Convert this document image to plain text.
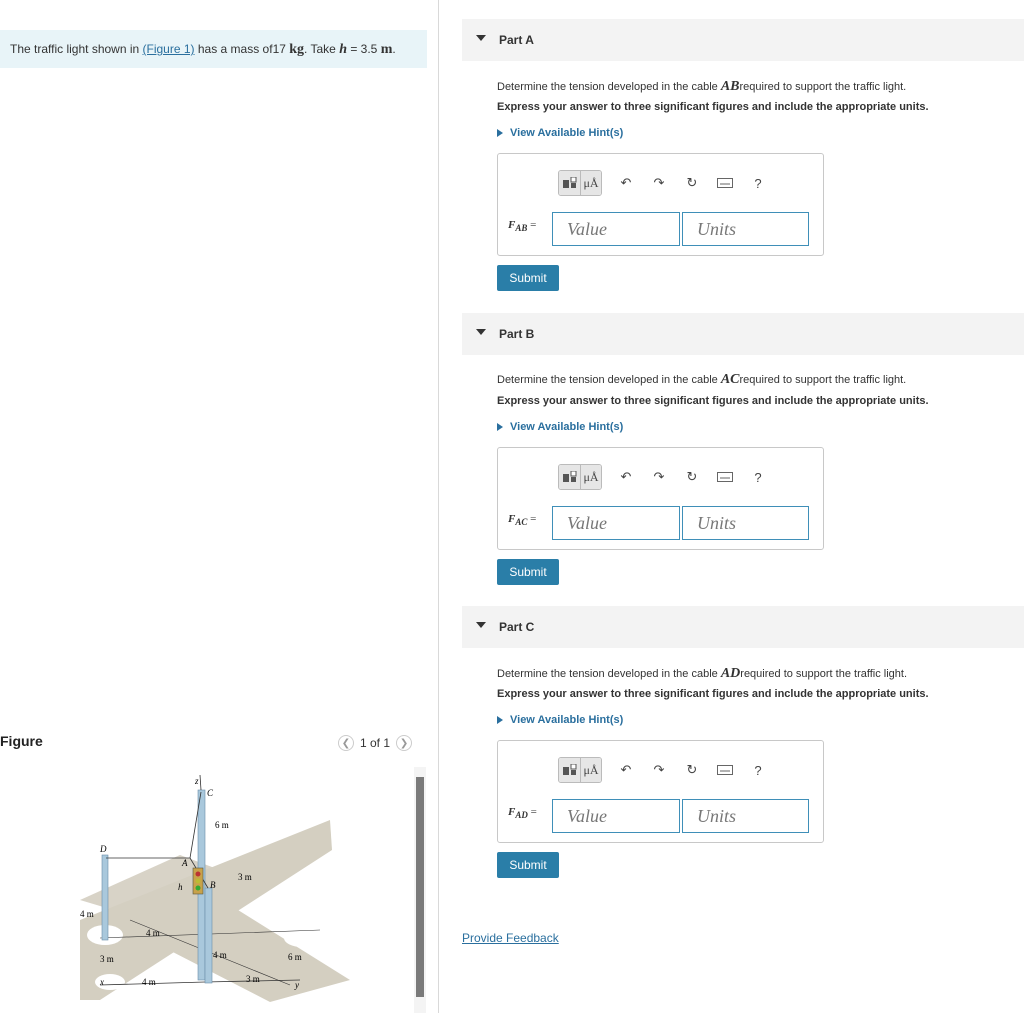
The traffic light shown in (Figure 1) has a mass of17 kg. Take h = 3.5 m.
Figure	❮ 1 of 1 ❯
z
C
D
A
B
h
x	y
6 m
3 m
4 m
4 m
3 m
4 m
4 m
3 m
6 m
Part A
Determine the tension developed in the cable ABrequired to support the traffic light.
Express your answer to three significant figures and include the appropriate units.
View Available Hint(s)
μÅ ↶ ↷ ↻	?
$F_{AB}$ =	Value	Units
Submit
Part B
Determine the tension developed in the cable ACrequired to support the traffic light.
Express your answer to three significant figures and include the appropriate units.
View Available Hint(s)
μÅ ↶ ↷ ↻	?
$F_{AC}$ =	Value	Units
Submit
Part C
Determine the tension developed in the cable ADrequired to support the traffic light.
Express your answer to three significant figures and include the appropriate units.
View Available Hint(s)
μÅ ↶ ↷ ↻	?
$F_{AD}$ =	Value	Units
Submit
Provide Feedback
